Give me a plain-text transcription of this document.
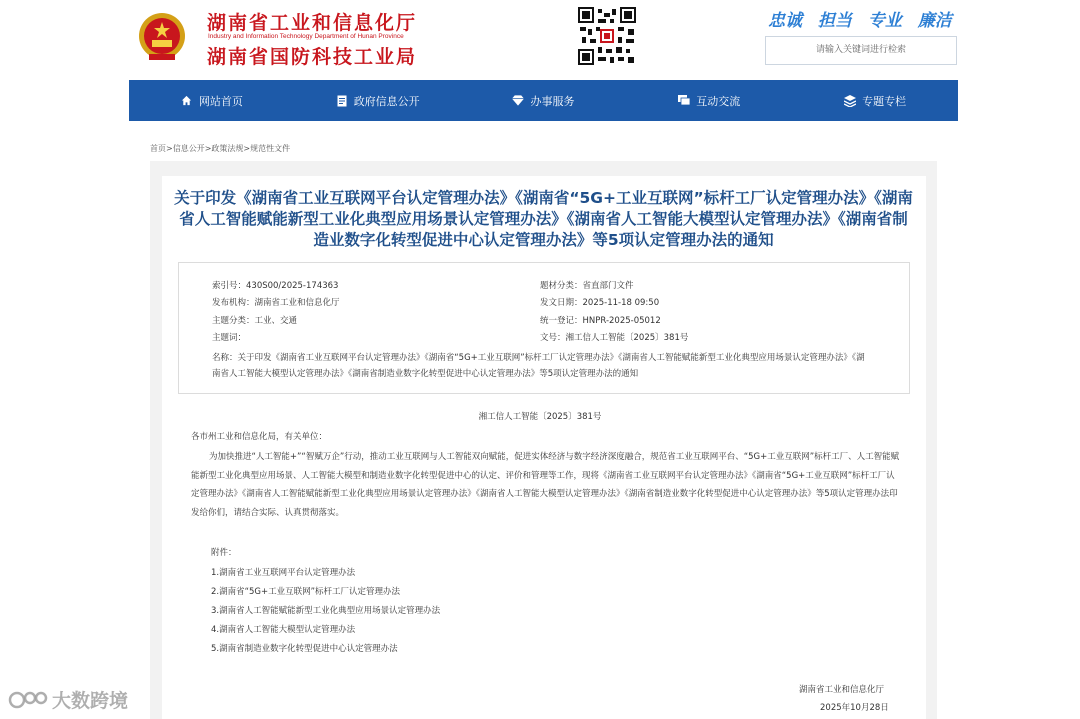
湖南省工业和信息化厅
Industry and Information Technology Department of Hunan Province
湖南省国防科技工业局
忠诚 担当 专业 廉洁
请输入关键词进行检索
网站首页	政府信息公开	办事服务	互动交流	专题专栏
首页>信息公开>政策法规>规范性文件
关于印发《湖南省工业互联网平台认定管理办法》《湖南省“5G+工业互联网”标杆工厂认定管理办法》《湖南省人工智能赋能新型工业化典型应用场景认定管理办法》《湖南省人工智能大模型认定管理办法》《湖南省制造业数字化转型促进中心认定管理办法》等5项认定管理办法的通知
索引号：430S00/2025-174363	题材分类：省直部门文件
发布机构：湖南省工业和信息化厅	发文日期：2025-11-18 09:50
主题分类：工业、交通	统一登记：HNPR-2025-05012
主题词：	文号：湘工信人工智能〔2025〕381号
名称：关于印发《湖南省工业互联网平台认定管理办法》《湖南省“5G+工业互联网”标杆工厂认定管理办法》《湖南省人工智能赋能新型工业化典型应用场景认定管理办法》《湖南省人工智能大模型认定管理办法》《湖南省制造业数字化转型促进中心认定管理办法》等5项认定管理办法的通知
湘工信人工智能〔2025〕381号
各市州工业和信息化局，有关单位：
为加快推进“人工智能+”“智赋万企”行动，推动工业互联网与人工智能双向赋能，促进实体经济与数字经济深度融合，规范省工业互联网平台、“5G+工业互联网”标杆工厂、人工智能赋能新型工业化典型应用场景、人工智能大模型和制造业数字化转型促进中心的认定、评价和管理等工作，现将《湖南省工业互联网平台认定管理办法》《湖南省“5G+工业互联网”标杆工厂认定管理办法》《湖南省人工智能赋能新型工业化典型应用场景认定管理办法》《湖南省人工智能大模型认定管理办法》《湖南省制造业数字化转型促进中心认定管理办法》等5项认定管理办法印发给你们，请结合实际、认真贯彻落实。
附件：
1.湖南省工业互联网平台认定管理办法
2.湖南省“5G+工业互联网”标杆工厂认定管理办法
3.湖南省人工智能赋能新型工业化典型应用场景认定管理办法
4.湖南省人工智能大模型认定管理办法
5.湖南省制造业数字化转型促进中心认定管理办法
湖南省工业和信息化厅
2025年10月28日
大数跨境
